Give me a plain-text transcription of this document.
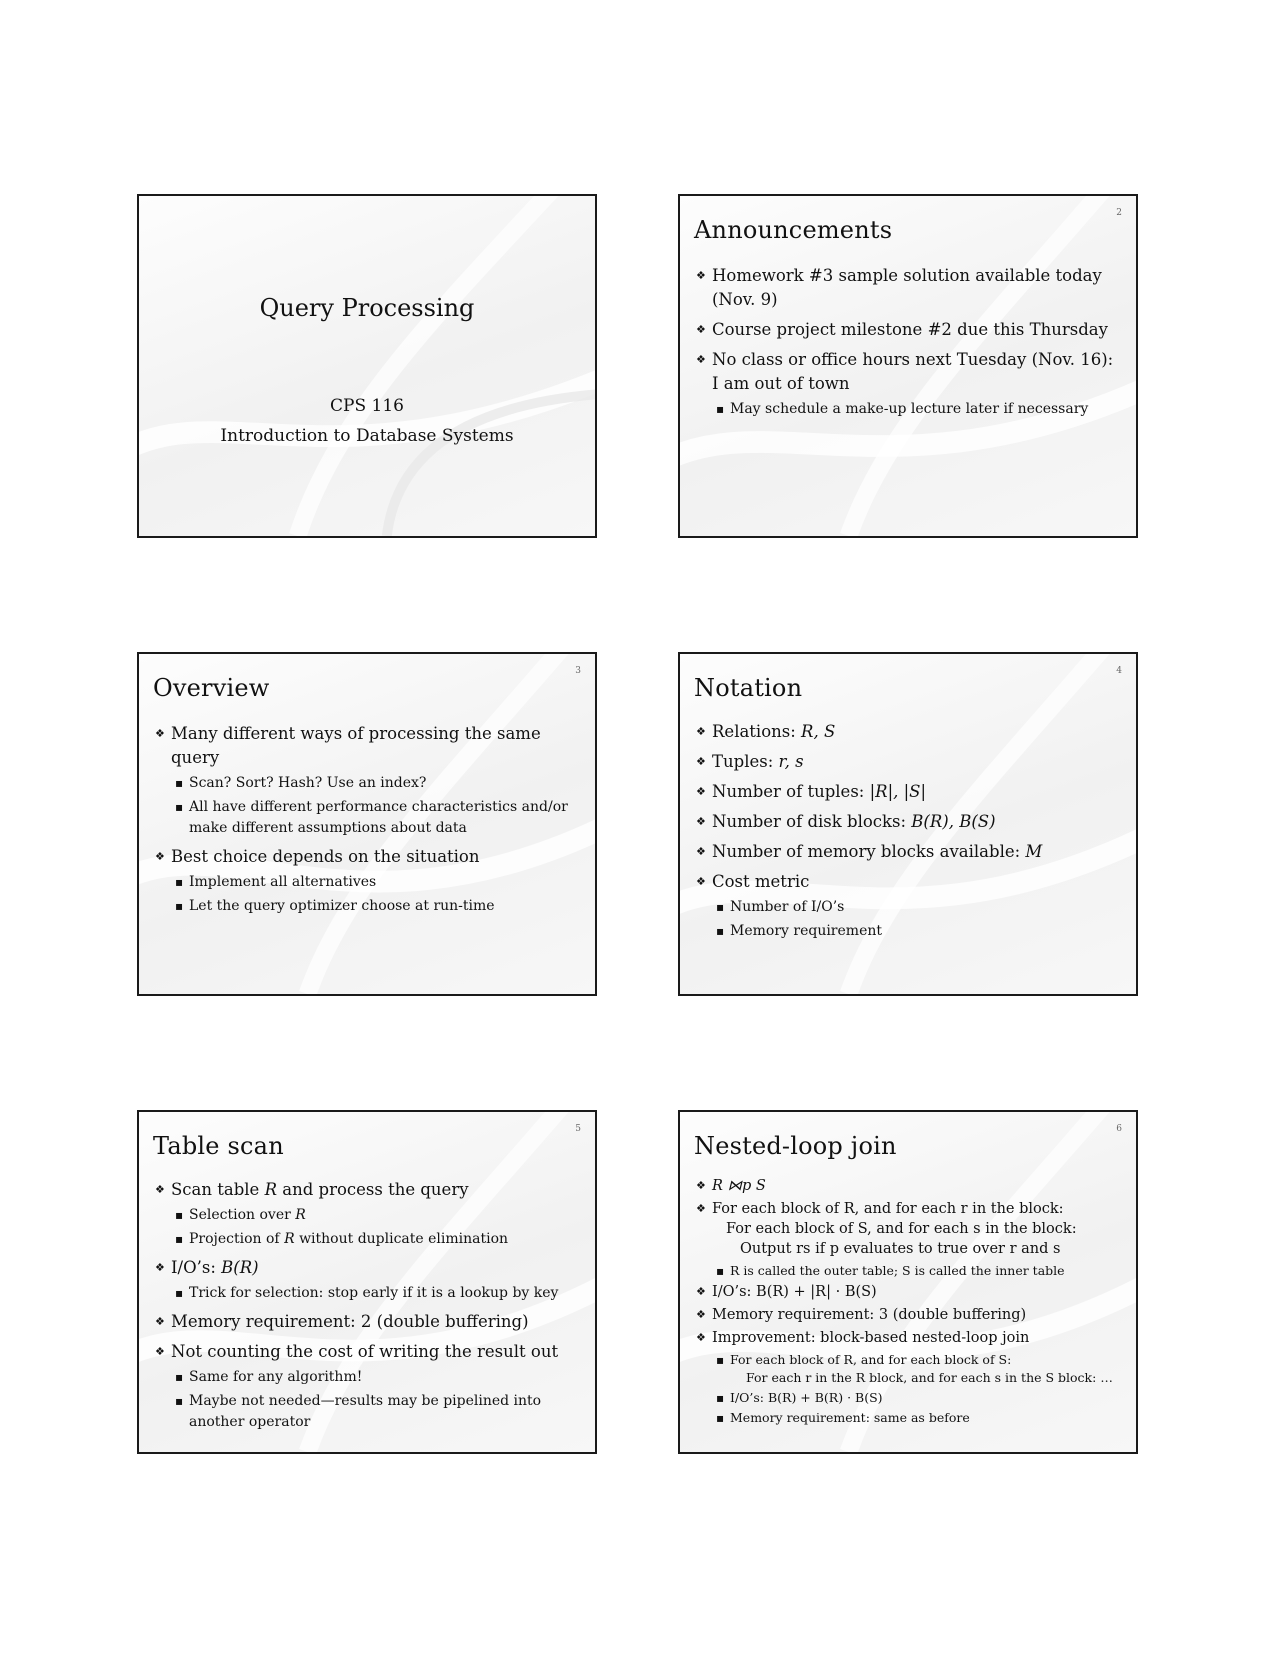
Query Processing
CPS 116
Introduction to Database Systems
2
Announcements
❖ Homework #3 sample solution available today (Nov. 9)
❖ Course project milestone #2 due this Thursday
❖ No class or office hours next Tuesday (Nov. 16): I am out of town
▪ May schedule a make-up lecture later if necessary
3
Overview
❖ Many different ways of processing the same query
▪ Scan? Sort? Hash? Use an index?
▪ All have different performance characteristics and/or make different assumptions about data
❖ Best choice depends on the situation
▪ Implement all alternatives
▪ Let the query optimizer choose at run-time
4
Notation
❖ Relations: R, S
❖ Tuples: r, s
❖ Number of tuples: |R|, |S|
❖ Number of disk blocks: B(R), B(S)
❖ Number of memory blocks available: M
❖ Cost metric
▪ Number of I/O’s
▪ Memory requirement
5
Table scan
❖ Scan table R and process the query
▪ Selection over R
▪ Projection of R without duplicate elimination
❖ I/O’s: B(R)
▪ Trick for selection: stop early if it is a lookup by key
❖ Memory requirement: 2 (double buffering)
❖ Not counting the cost of writing the result out
▪ Same for any algorithm!
▪ Maybe not needed—results may be pipelined into another operator
6
Nested-loop join
❖ R ⋈p S
❖ For each block of R, and for each r in the block:
For each block of S, and for each s in the block:
Output rs if p evaluates to true over r and s
▪ R is called the outer table; S is called the inner table
❖ I/O’s: B(R) + |R| · B(S)
❖ Memory requirement: 3 (double buffering)
❖ Improvement: block-based nested-loop join
▪ For each block of R, and for each block of S:
For each r in the R block, and for each s in the S block: …
▪ I/O’s: B(R) + B(R) · B(S)
▪ Memory requirement: same as before
